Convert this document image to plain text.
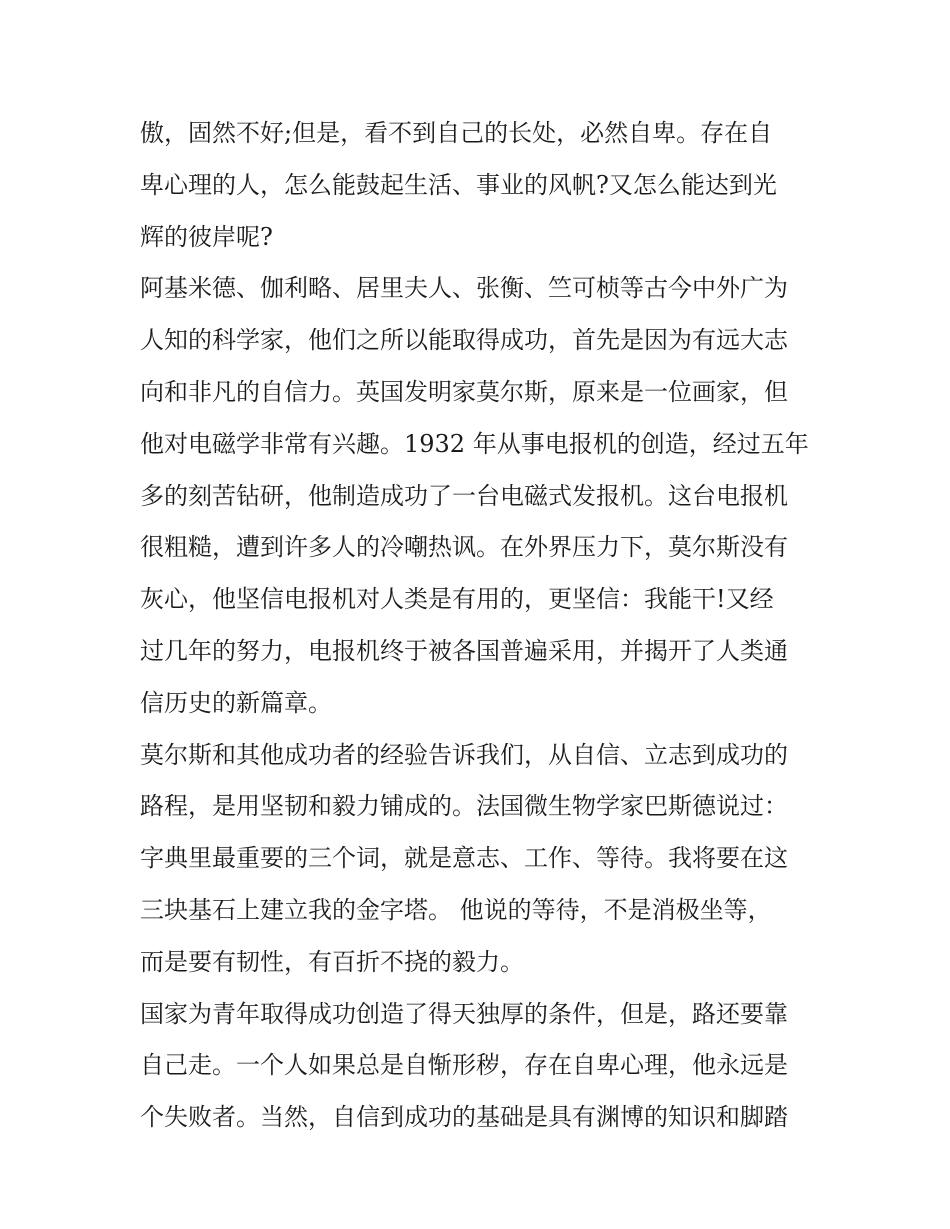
傲，固然不好;但是，看不到自己的长处，必然自卑。存在自
卑心理的人，怎么能鼓起生活、事业的风帆?又怎么能达到光
辉的彼岸呢?
阿基米德、伽利略、居里夫人、张衡、竺可桢等古今中外广为
人知的科学家，他们之所以能取得成功，首先是因为有远大志
向和非凡的自信力。英国发明家莫尔斯，原来是一位画家，但
他对电磁学非常有兴趣。1932 年从事电报机的创造，经过五年
多的刻苦钻研，他制造成功了一台电磁式发报机。这台电报机
很粗糙，遭到许多人的冷嘲热讽。在外界压力下，莫尔斯没有
灰心，他坚信电报机对人类是有用的，更坚信：我能干!又经
过几年的努力，电报机终于被各国普遍采用，并揭开了人类通
信历史的新篇章。
莫尔斯和其他成功者的经验告诉我们，从自信、立志到成功的
路程，是用坚韧和毅力铺成的。法国微生物学家巴斯德说过：
字典里最重要的三个词，就是意志、工作、等待。我将要在这
三块基石上建立我的金字塔。 他说的等待，不是消极坐等，
而是要有韧性，有百折不挠的毅力。
国家为青年取得成功创造了得天独厚的条件，但是，路还要靠
自己走。一个人如果总是自惭形秽，存在自卑心理，他永远是
个失败者。当然，自信到成功的基础是具有渊博的知识和脚踏
